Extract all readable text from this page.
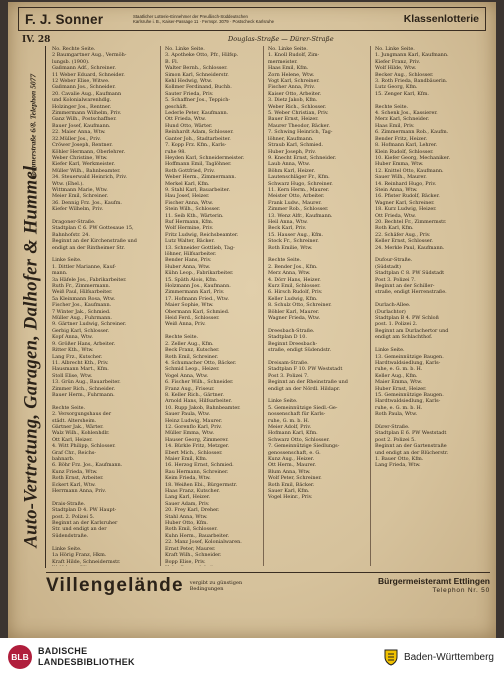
F. J. Sonner	Staatlicher Lotterie-Einnehmer der Preußisch-Süddeutschen
Karlsruhe i. B., Kaiser-Passage 11 · Fernspr. 3079 · Postscheck Karlsruhe	Klassenlotterie
IV. 28	Douglas-Straße — Dürer-Straße
Auto-Vertretung, Garagen, Dalhofer & Hummel
Sommerstraße 6/8. Telephon 5077
No. Rechte Seite.
2 Baumgartner Aug., Vermöh-
lungsb. (1900).
Gaßmann Adf., Schreiner.
11 Weber Eduard, Schneider.
12 Weber Elise, Witwe.
Gaßmann Jos., Schneider.
20. Cavalie Aug., Kaufmann
und Kolonialwarenhdlg.
Holzinger Jos., Rentner.
Zimmermann Wilhelm, Priv.
Ganz Wilh., Postschaffner.
Bauer Josef, Kaufmann.
22. Maier Anna, Wtw.
32.Müller Jos., Priv.
Cröwer Joseph, Rentner.
Köhler Hermann, Oberlehrer.
Weber Christine, Wtw.
Kiefer Karl, Werkmeister.
Müller Wilh., Bahnbeamter.
34. Steuerwald Heinrich, Priv.
Wtw. (Ehel.).
Wittmann Marie, Wtw.
Meier Emil, Schreiner.
36. Dennig Frz. Jos., Kaufm.
Kiefer Wilhelm, Priv.

Dragoner-Straße.
Stadtplan C 6. PW Gottesaue 15,
Bahnhofstr. 24.
Beginnt an der Kirchenstraße und
endigt an der Rintheimer Str.

Linke Seite.
1. Dittler Marianne, Kauf-
mann.
3a Häfele Jos., Fabrikarbeiter.
Ruth Fr., Zimmermann.
Weiß Paul, Hilfsarbeiter.
5a Kleinmann Rosa, Wtw.
Fischer Jos., Kaufmann.
7 Winter Jak., Schmied.
Müller Aug., Fuhrmann.
9. Gärtner Ludwig, Schreiner.
Gerbig Karl, Schlosser.
Kopf Anna, Wtw.
9. Größer Hans, Arbeiter.
Ritter Kth., Wtw.
Lang Frz., Kutscher.
11. Albrecht Kth., Priv.
Hausmann Mart., Kfm.
Stoll Elise, Wtw.
13. Grün Aug., Bauarbeiter.
Zimmer Rich., Schneider.
Bauer Herm., Fuhrmann.

Rechte Seite.
2. Versorgungshaus der
städt. Altersheim.
Gärtner Jak., Wärter.
Walz Wilh., Kohlenhdlr.
Ott Karl, Heizer.
4. Witt Philipp, Schlosser.
Graf Chr., Reichs-
bahnarb.
6. Böhr Frz. Jos., Kaufmann.
Kunz Frieda, Wtw.
Roth Ernst, Arbeiter.
Eckert Karl, Wtw.
Herrmann Anna, Priv.

Drais-Straße.
Stadtplan D 4. PW Haupt-
post. 2. Polizei 5.
Beginnt an der Karlsruher
Str. und endigt an der
Südendstraße.

Linke Seite.
1a Hörig Franz, Hkm.
Kraft Hilde, Schneidermstr.
No. Linke Seite.
3. Apotheke Otto, Pfr., Hilfsp.
B. Fl.
Walter Bernh., Schlosser.
Simon Karl, Schneiderstr.
Kehl Hedwig, Wtw.
Kollmer Ferdinand, Buchb.
Sauter Frieda, Priv.
5. Schaffner Jos., Teppich-
geschäft.
Lederle Peter, Kaufmann.
Ott Frieda, Wtw.
Hund Otto, Wärter.
Reinhardt Adam, Schlosser.
Ganter Joh., Stadtarbeiter.
7. Kopp Frz. Kfm., Karls-
ruhe 98.
Heyden Karl, Schneidermeister.
Hoffmann Emil, Taglöhner.
Roth Gottfried, Priv.
Weber Herm., Zimmermann.
Merkel Karl, Kfm.
9. Stahl Karl, Bauarbeiter.
Hau Josef, Heizer.
Fischer Anna, Wtw.
Stein Wilh., Schlosser.
11. Seib Kth., Wärterin.
Ruf Hermann, Kfm.
Wolf Hermine, Priv.
Fritz Ludwig, Reichsbeamter.
Lutz Walter, Bäcker.
13. Schneider Gottlieb, Tag-
löhner, Hilfsarbeiter.
Bender Hans, Priv.
Huber Anna, Wtw.
Kühn Leop., Fabrikarbeiter.
15. Späth Alois, Kfm.
Holzmann Jos., Kaufmann.
Zimmermann Karl, Priv.
17. Hofmann Fried., Wtw.
Maier Sophie, Wtw.
Obermann Karl, Schmied.
Heid Ferd., Schlosser.
Weiß Anna, Priv.

Rechte Seite.
2. Zeller Aug., Kfm.
Beck Franz, Kutscher.
Roth Emil, Schreiner.
4. Schumacher Otto, Bäcker.
Schmid Leop., Heizer.
Vogel Anna, Wtw.
6. Fischer Wilh., Schneider.
Franz Aug., Friseur.
8. Keller Rich., Gärtner.
Arnold Hans, Hilfsarbeiter.
10. Rupp Jakob, Bahnbeamter.
Sauer Paula, Wtw.
Heinz Ludwig, Maurer.
12. Gorenflo Karl, Priv.
Müller Emma, Wtw.
Hauser Georg, Zimmerer.
14. Bürkle Fritz, Metzger.
Ebert Mich., Schlosser.
Maier Emil, Kfm.
16. Herzog Ernst, Schmied.
Rau Hermann, Schreiner.
Keim Frieda, Wtw.
18. Weißen Ebi., Bürgermstr.
Haas Franz, Kutscher.
Lang Karl, Heizer.
Sauer Adam, Priv.
20. Frey Karl, Dreher.
Stahl Anna, Wtw.
Huber Otto, Kfm.
Roth Emil, Schlosser.
Kuhn Herm., Bauarbeiter.
22. Manz Josef, Kolonialwaren.
Ernst Peter, Maurer.
Kraft Wilh., Schneider.
Bopp Elise, Priv.
No. Linke Seite.
1. Knoll Rudolf, Zim-
mermeister.
Haas Emil, Kfm.
Zorn Helene, Wtw.
Vogt Karl, Schreiner.
Fischer Anna, Priv.
Kaiser Otto, Arbeiter.
3. Dietz Jakob, Kfm.
Weber Rich., Schlosser.
5. Weber Christian, Priv.
Bauer Ernst, Heizer.
Maurer Theodor, Bäcker.
7. Schwing Heinrich, Tag-
löhner, Kaufmann.
Straub Karl, Schmied.
Huber Joseph, Priv.
9. Knecht Ernst, Schneider.
Laub Anna, Wtw.
Böhm Karl, Heizer.
Lautenschläger Fr., Kfm.
Schwarz Hugo, Schreiner.
11. Kern Herm., Maurer.
Meister Otto, Arbeiter.
Frank Ludw., Maurer.
Zimmer Rob., Schlosser.
13. Wenz Alfr., Kaufmann.
Heil Anna, Wtw.
Beck Karl, Priv.
15. Hauser Aug., Kfm.
Stock Fr., Schreiner.
Roth Emilie, Wtw.

Rechte Seite.
2. Bender Jos., Kfm.
Merz Anna, Wtw.
4. Dörr Hans, Heizer.
Kurz Emil, Schlosser.
6. Hirsch Rudolf, Priv.
Keller Ludwig, Kfm.
8. Schulz Otto, Schreiner.
Böhler Karl, Maurer.
Wagner Frieda, Wtw.

Dreesbach-Straße.
Stadtplan D 10.
Beginnt Dreesbach-
straße, endigt Südendstr.

Dreisam-Straße.
Stadtplan F 10. PW Weststadt
Post 3. Polizei 7.
Beginnt an der Rheinstraße und
endigt an der Nördl. Hildapr.

Linke Seite.
5. Gemeinnützige Siedl.-Ge-
nossenschaft für Karls-
ruhe, G. m. b. H.
Meier Adolf, Priv.
Hofmann Karl, Kfm.
Schwarz Otto, Schlosser.
7. Gemeinnützige Siedlungs-
genossenschaft, e. G.
Kunz Aug., Heizer.
Ott Herm., Maurer.
Blum Anna, Wtw.
Wolf Peter, Schreiner.
Roth Emil, Bäcker.
Sauer Karl, Kfm.
Vogel Heinr., Priv.
No. Linke Seite.
1. Jungmann Karl, Kaufmann.
Kiefer Franz, Priv.
Wolf Hilde, Wtw.
Becker Aug., Schlosser.
3. Roth Frieda, Bandbäuerin.
Lutz Georg, Kfm.
15. Zenger Karl, Kfm.

Rechte Seite.
4. Schenk Jos., Kassierer.
Merz Karl, Schneider.
Haas Emil, Priv.
6. Zimmermann Rob., Kaufm.
Bender Fritz, Heizer.
8. Hofmann Karl, Lehrer.
Klein Rudolf, Schlosser.
10. Kiefer Georg, Mechaniker.
Huber Emma, Wtw.
12. Knittel Otto, Kaufmann.
Sauer Wilh., Maurer.
14. Reinhard Hugo, Priv.
Stein Anna, Wtw.
16. Pfister Rudolf, Bäcker.
Wagner Karl, Schreiner.
18. Kurz Ludwig, Heizer.
Ott Frieda, Wtw.
20. Bechtel Fr., Zimmermstr.
Roth Karl, Kfm.
22. Schäfer Aug., Priv.
Keller Ernst, Schlosser.
24. Merkle Paul, Kaufmann.

Dufour-Straße.
(Südstadt)
Stadtplan C 8. PW Südstadt
Post 3. Polizei 7.
Beginnt an der Schiller-
straße, endigt Herrenstraße.

Durlach-Allee.
(Durlachtor)
Stadtplan B 4. PW Schloß
post. 1. Polizei 2.
Beginnt am Durlachertor und
endigt am Schlachthof.

Linke Seite.
13. Gemeinnützige Baugen.
Hardtwaldsiedlung, Karls-
ruhe, e. G. m. b. H.
Keller Aug., Kfm.
Maier Emma, Wtw.
Huber Ernst, Heizer.
15. Gemeinnützige Baugen.
Hardtwaldsiedlung, Karls-
ruhe, e. G. m. b. H.
Roth Paula, Wtw.

Dürer-Straße.
Stadtplan E 6. PW Weststadt
post 2. Polizei 5.
Beginnt an der Gartenstraße
und endigt an der Blücherstr.
1. Bauer Otto, Kfm.
Lang Frieda, Wtw.
Villengelände	vergibt zu günstigen Bedingungen
Bürgermeisteramt Ettlingen
Telephon Nr. 50
BLB
BADISCHE
LANDESBIBLIOTHEK	Baden-Württemberg
